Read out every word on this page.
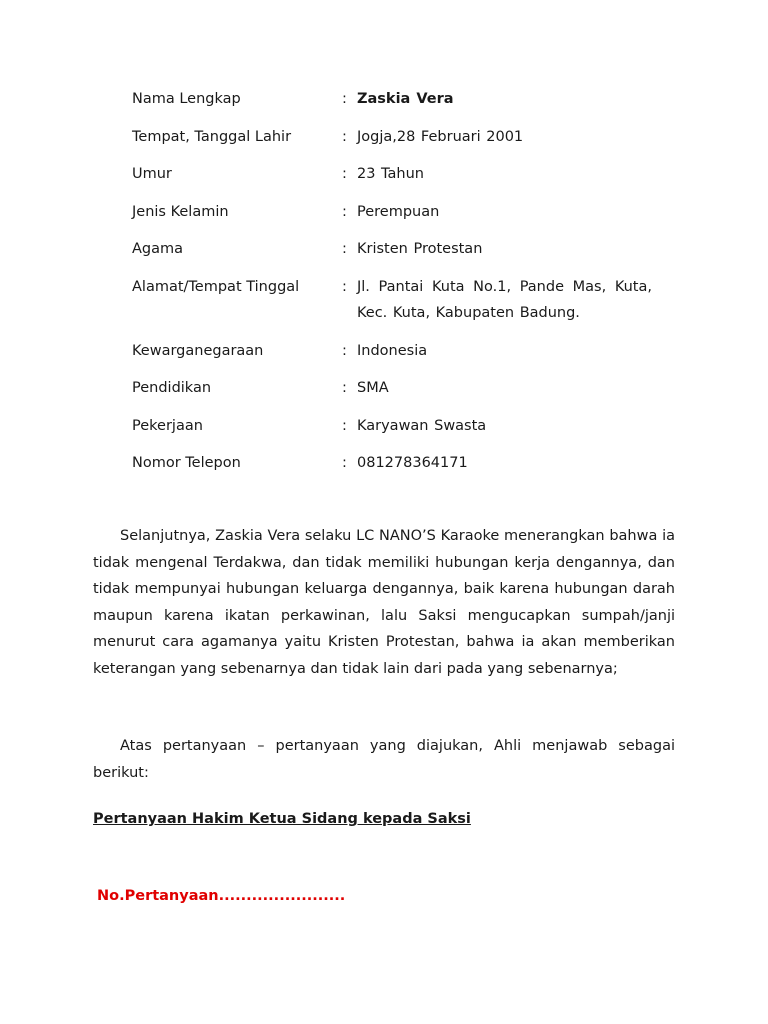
Nama Lengkap	: Zaskia Vera
Tempat, Tanggal Lahir	: Jogja,28 Februari 2001
Umur	: 23 Tahun
Jenis Kelamin	: Perempuan
Agama	: Kristen Protestan
Alamat/Tempat Tinggal	: Jl. Pantai Kuta No.1, Pande Mas, Kuta, Kec. Kuta, Kabupaten Badung.
Kewarganegaraan	: Indonesia
Pendidikan	: SMA
Pekerjaan	: Karyawan Swasta
Nomor Telepon	: 081278364171

Selanjutnya, Zaskia Vera selaku LC NANO’S Karaoke menerangkan bahwa ia tidak mengenal Terdakwa, dan tidak memiliki hubungan kerja dengannya, dan tidak mempunyai hubungan keluarga dengannya, baik karena hubungan darah maupun karena ikatan perkawinan, lalu Saksi mengucapkan sumpah/janji menurut cara agamanya yaitu Kristen Protestan, bahwa ia akan memberikan keterangan yang sebenarnya dan tidak lain dari pada yang sebenarnya;

Atas pertanyaan – pertanyaan yang diajukan, Ahli menjawab sebagai berikut:

Pertanyaan Hakim Ketua Sidang kepada Saksi

No.Pertanyaan.......................
